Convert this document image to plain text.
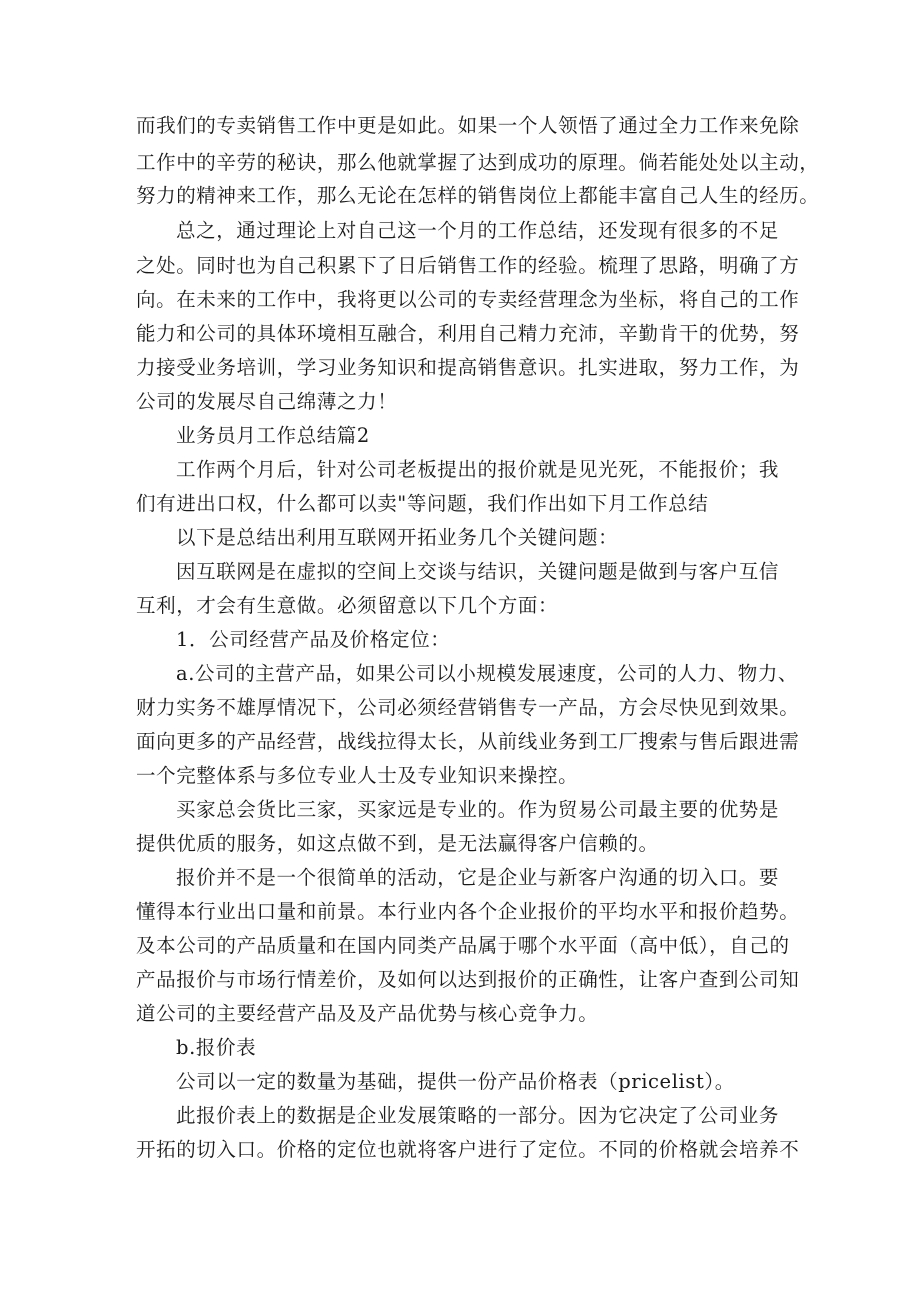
而我们的专卖销售工作中更是如此。如果一个人领悟了通过全力工作来免除
工作中的辛劳的秘诀，那么他就掌握了达到成功的原理。倘若能处处以主动，
努力的精神来工作，那么无论在怎样的销售岗位上都能丰富自己人生的经历。
总之，通过理论上对自己这一个月的工作总结，还发现有很多的不足
之处。同时也为自己积累下了日后销售工作的经验。梳理了思路，明确了方
向。在未来的工作中，我将更以公司的专卖经营理念为坐标，将自己的工作
能力和公司的具体环境相互融合，利用自己精力充沛，辛勤肯干的优势，努
力接受业务培训，学习业务知识和提高销售意识。扎实进取，努力工作，为
公司的发展尽自己绵薄之力！
业务员月工作总结篇2
工作两个月后，针对公司老板提出的报价就是见光死，不能报价；我
们有进出口权，什么都可以卖"等问题，我们作出如下月工作总结
以下是总结出利用互联网开拓业务几个关键问题：
因互联网是在虚拟的空间上交谈与结识，关键问题是做到与客户互信
互利，才会有生意做。必须留意以下几个方面：
1．公司经营产品及价格定位：
a.公司的主营产品，如果公司以小规模发展速度，公司的人力、物力、
财力实务不雄厚情况下，公司必须经营销售专一产品，方会尽快见到效果。
面向更多的产品经营，战线拉得太长，从前线业务到工厂搜索与售后跟进需
一个完整体系与多位专业人士及专业知识来操控。
买家总会货比三家，买家远是专业的。作为贸易公司最主要的优势是
提供优质的服务，如这点做不到，是无法赢得客户信赖的。
报价并不是一个很简单的活动，它是企业与新客户沟通的切入口。要
懂得本行业出口量和前景。本行业内各个企业报价的平均水平和报价趋势。
及本公司的产品质量和在国内同类产品属于哪个水平面（高中低），自己的
产品报价与市场行情差价，及如何以达到报价的正确性，让客户查到公司知
道公司的主要经营产品及及产品优势与核心竞争力。
b.报价表
公司以一定的数量为基础，提供一份产品价格表（pricelist）。
此报价表上的数据是企业发展策略的一部分。因为它决定了公司业务
开拓的切入口。价格的定位也就将客户进行了定位。不同的价格就会培养不
